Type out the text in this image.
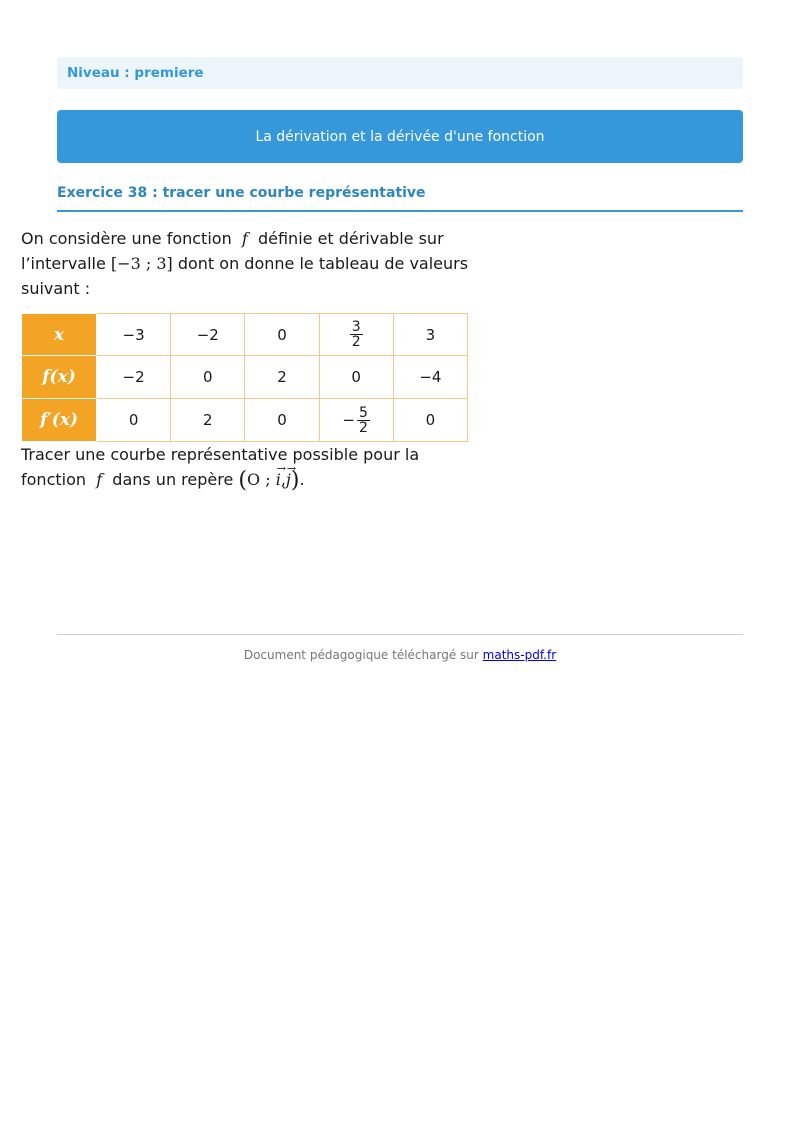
Niveau : premiere
La dérivation et la dérivée d'une fonction
Exercice 38 : tracer une courbe représentative

On considère une fonction f définie et dérivable sur

l’intervalle [−3 ; 3] dont on donne le tableau de valeurs

suivant :

x	−3	−2	0	$\frac{3}{2}$	3
f(x)	−2	0	2	0	−4
f′(x)	0	2	0	− $\frac{5}{2}$	0

Tracer une courbe représentative possible pour la

fonction f dans un repère (O ; → i,→ j).

Document pédagogique téléchargé sur maths-pdf.fr
